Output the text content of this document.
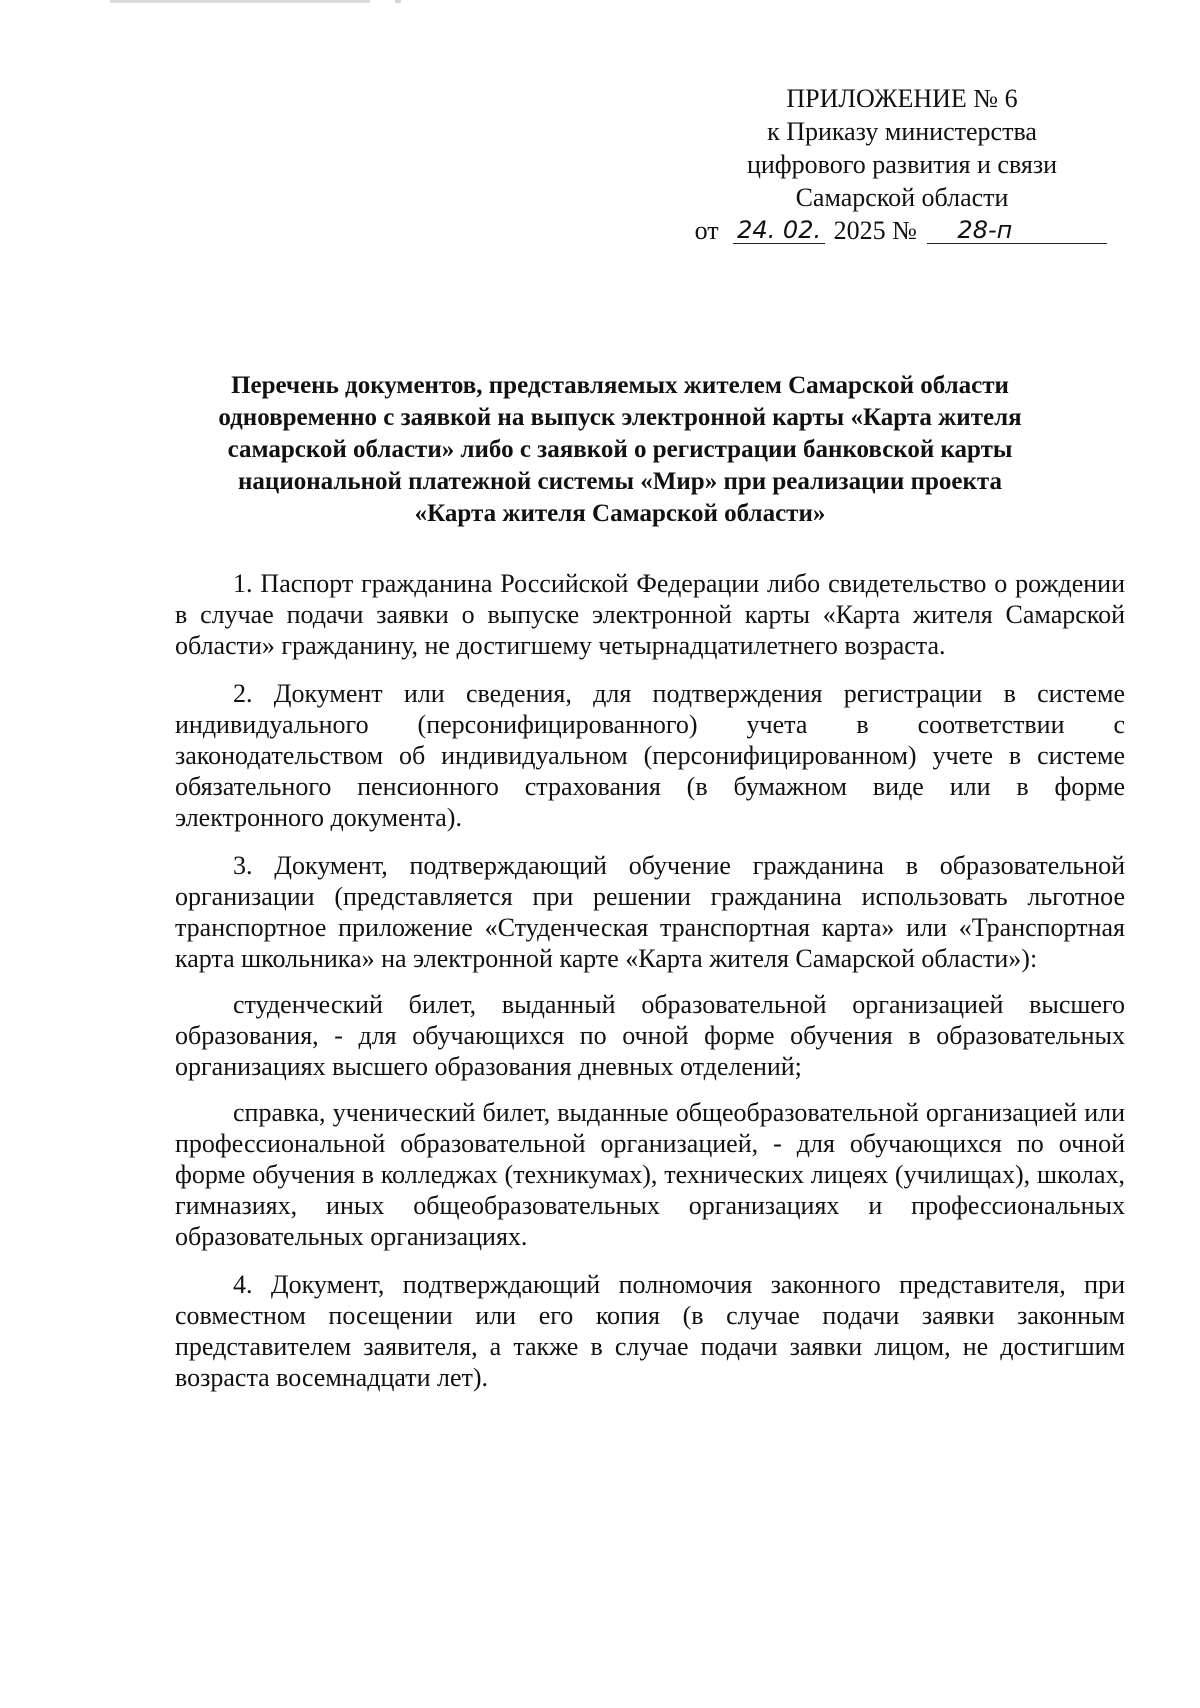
ПРИЛОЖЕНИЕ № 6
к Приказу министерства
цифрового развития и связи
Самарской области
от 24. 02. 2025 № 28-п
Перечень документов, представляемых жителем Самарской области
одновременно с заявкой на выпуск электронной карты «Карта жителя
самарской области» либо с заявкой о регистрации банковской карты
национальной платежной системы «Мир» при реализации проекта
«Карта жителя Самарской области»

1. Паспорт гражданина Российской Федерации либо свидетельство о рождении в случае подачи заявки о выпуске электронной карты «Карта жителя Самарской области» гражданину, не достигшему четырнадцатилетнего возраста.

2. Документ или сведения, для подтверждения регистрации в системе индивидуального (персонифицированного) учета в соответствии с законодательством об индивидуальном (персонифицированном) учете в системе обязательного пенсионного страхования (в бумажном виде или в форме электронного документа).

3. Документ, подтверждающий обучение гражданина в образовательной организации (представляется при решении гражданина использовать льготное транспортное приложение «Студенческая транспортная карта» или «Транспортная карта школьника» на электронной карте «Карта жителя Самарской области»):

студенческий билет, выданный образовательной организацией высшего образования, - для обучающихся по очной форме обучения в образовательных организациях высшего образования дневных отделений;

справка, ученический билет, выданные общеобразовательной организацией или профессиональной образовательной организацией, - для обучающихся по очной форме обучения в колледжах (техникумах), технических лицеях (училищах), школах, гимназиях, иных общеобразовательных организациях и профессиональных образовательных организациях.

4. Документ, подтверждающий полномочия законного представителя, при совместном посещении или его копия (в случае подачи заявки законным представителем заявителя, а также в случае подачи заявки лицом, не достигшим возраста восемнадцати лет).
